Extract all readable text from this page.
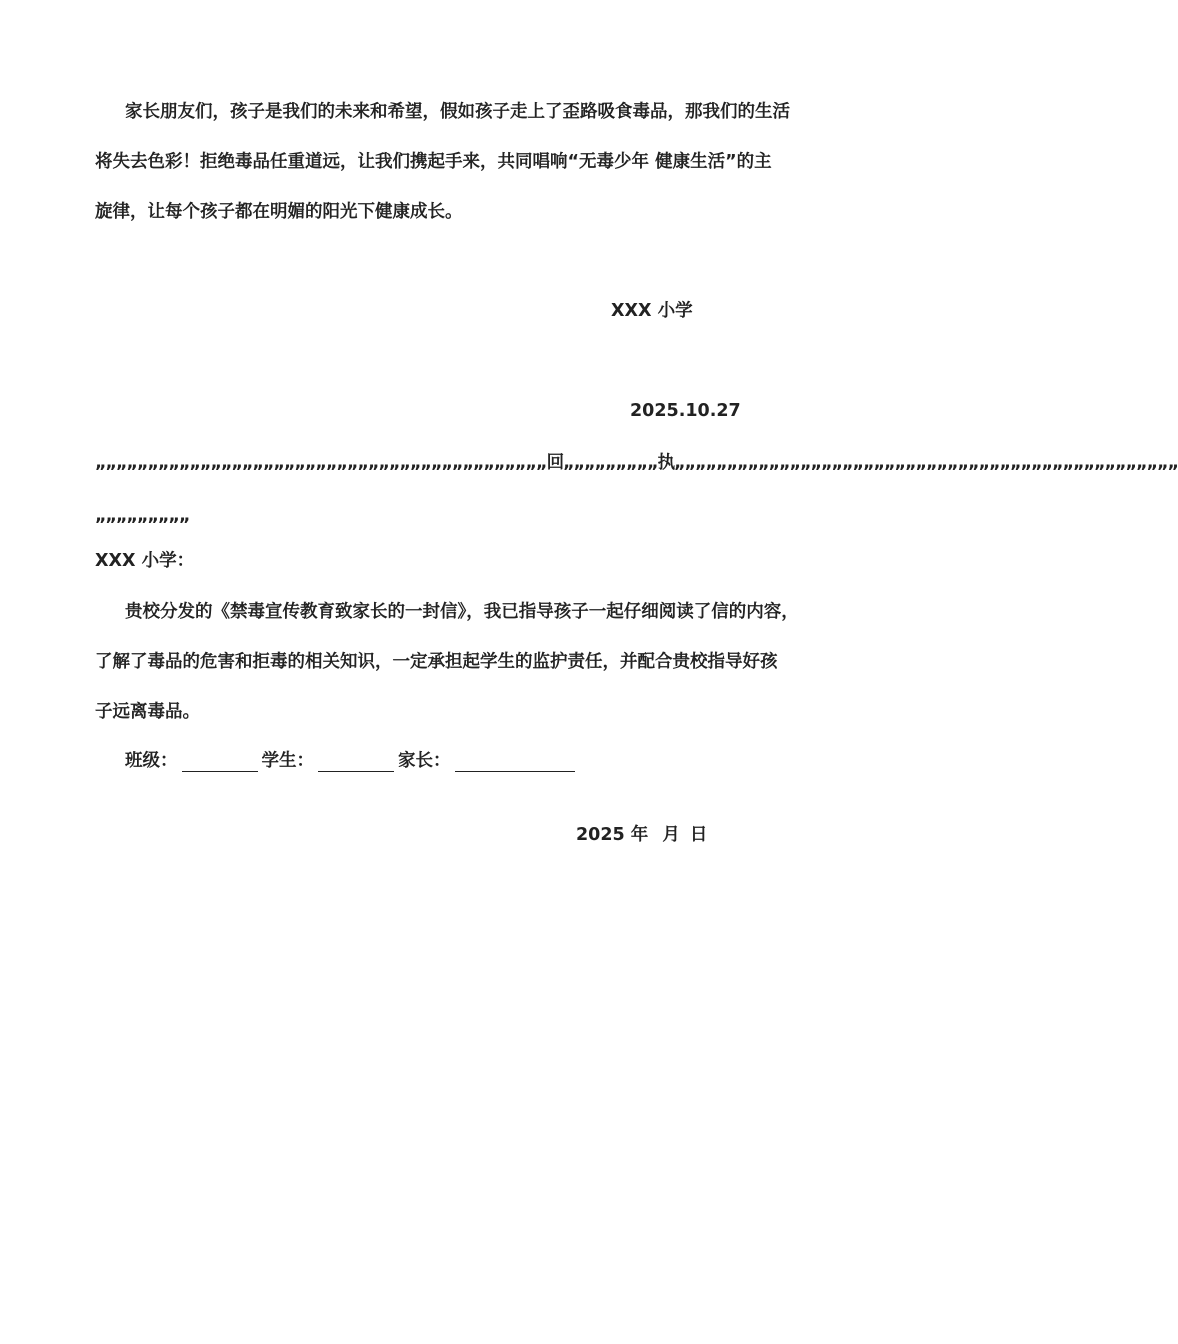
家长朋友们，孩子是我们的未来和希望，假如孩子走上了歪路吸食毒品，那我们的生活
将失去色彩！拒绝毒品任重道远，让我们携起手来，共同唱响“无毒少年 健康生活”的主
旋律，让每个孩子都在明媚的阳光下健康成长。
XXX 小学
2025.10.27
„„„„„„„„„„„„„„„„„„„„„„„„„„„„„„„„„„„„„„„„„„„回„„„„„„„„„执„„„„„„„„„„„„„„„„„„„„„„„„„„„„„„„„„„„„„„„„„„„„„„„„
„„„„„„„„„
XXX 小学：
贵校分发的《禁毒宣传教育致家长的一封信》，我已指导孩子一起仔细阅读了信的内容，
了解了毒品的危害和拒毒的相关知识，一定承担起学生的监护责任，并配合贵校指导好孩
子远离毒品。
班级：	学生：	家长：
2025 年 月 日
